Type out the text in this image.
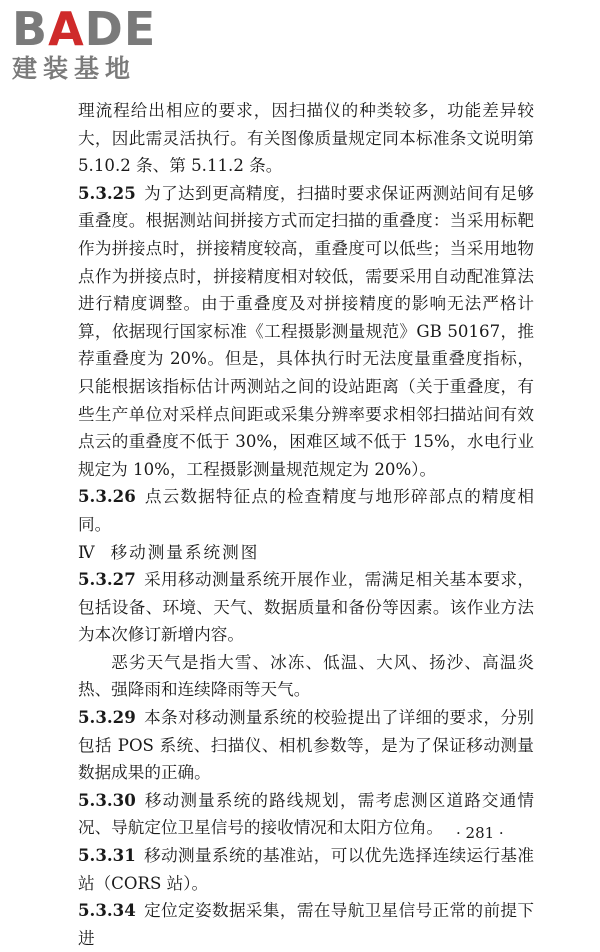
BADE
建装基地

理流程给出相应的要求，因扫描仪的种类较多，功能差异较大，因此需灵活执行。有关图像质量规定同本标准条文说明第 5.10.2 条、第 5.11.2 条。

5.3.25 为了达到更高精度，扫描时要求保证两测站间有足够重叠度。根据测站间拼接方式而定扫描的重叠度：当采用标靶作为拼接点时，拼接精度较高，重叠度可以低些；当采用地物点作为拼接点时，拼接精度相对较低，需要采用自动配准算法进行精度调整。由于重叠度及对拼接精度的影响无法严格计算，依据现行国家标准《工程摄影测量规范》GB 50167，推荐重叠度为 20%。但是，具体执行时无法度量重叠度指标，只能根据该指标估计两测站之间的设站距离（关于重叠度，有些生产单位对采样点间距或采集分辨率要求相邻扫描站间有效点云的重叠度不低于 30%，困难区域不低于 15%，水电行业规定为 10%，工程摄影测量规范规定为 20%）。

5.3.26 点云数据特征点的检查精度与地形碎部点的精度相同。

Ⅳ 移动测量系统测图

5.3.27 采用移动测量系统开展作业，需满足相关基本要求，包括设备、环境、天气、数据质量和备份等因素。该作业方法为本次修订新增内容。

恶劣天气是指大雪、冰冻、低温、大风、扬沙、高温炎热、强降雨和连续降雨等天气。

5.3.29 本条对移动测量系统的校验提出了详细的要求，分别包括 POS 系统、扫描仪、相机参数等，是为了保证移动测量数据成果的正确。

5.3.30 移动测量系统的路线规划，需考虑测区道路交通情况、导航定位卫星信号的接收情况和太阳方位角。

5.3.31 移动测量系统的基准站，可以优先选择连续运行基准站（CORS 站）。

5.3.34 定位定姿数据采集，需在导航卫星信号正常的前提下进

· 281 ·
